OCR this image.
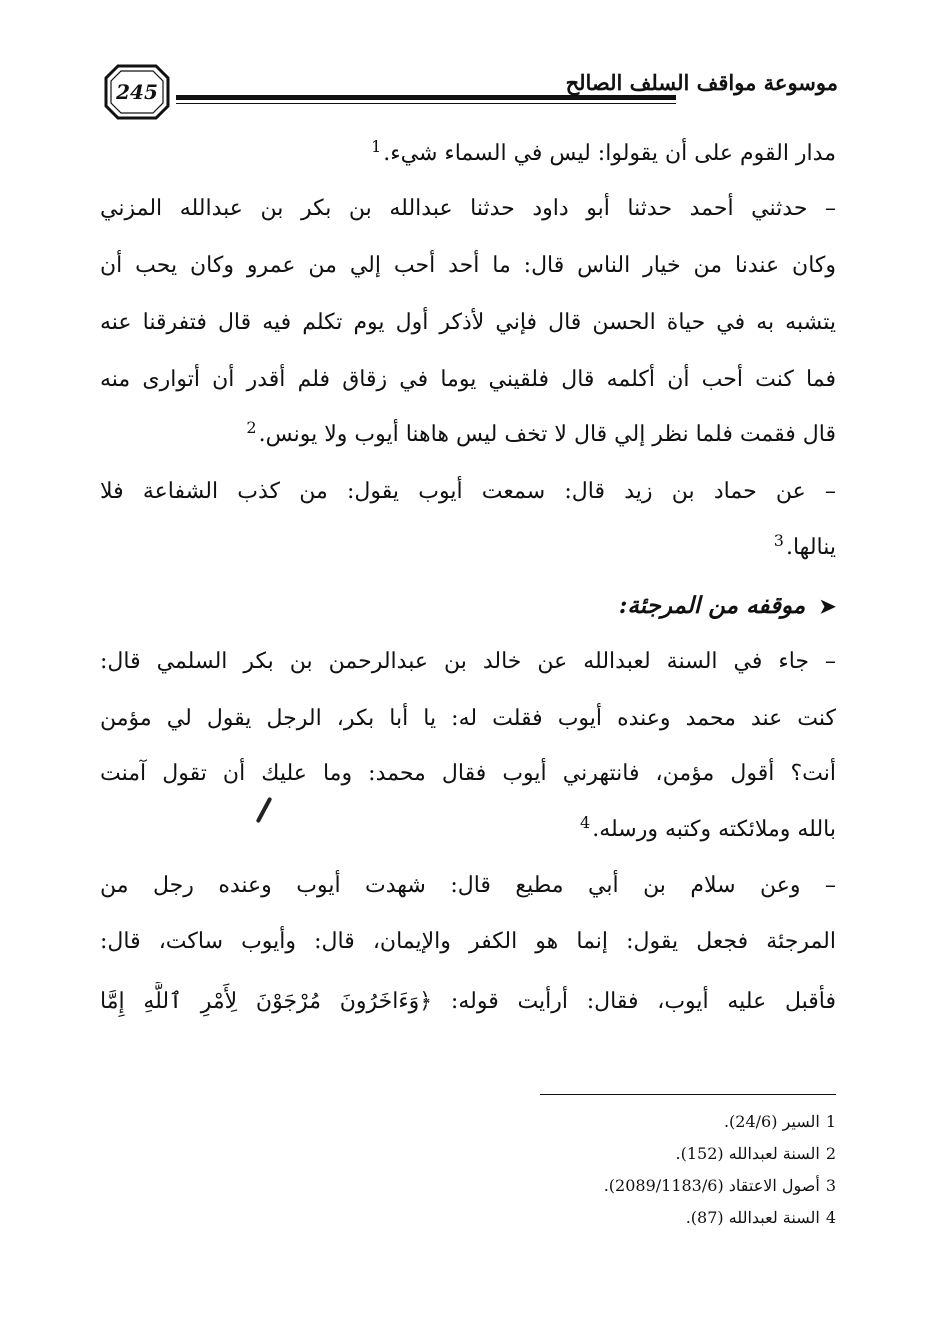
245	موسوعة مواقف السلف الصالح
مدار القوم على أن يقولوا: ليس في السماء شيء.$^1$
– حدثني أحمد حدثنا أبو داود حدثنا عبدالله بن بكر بن عبدالله المزني
وكان عندنا من خيار الناس قال: ما أحد أحب إلي من عمرو وكان يحب أن
يتشبه به في حياة الحسن قال فإني لأذكر أول يوم تكلم فيه قال فتفرقنا عنه
فما كنت أحب أن أكلمه قال فلقيني يوما في زقاق فلم أقدر أن أتوارى منه
قال فقمت فلما نظر إلي قال لا تخف ليس هاهنا أيوب ولا يونس.$^2$
– عن حماد بن زيد قال: سمعت أيوب يقول: من كذب الشفاعة فلا
ينالها.$^3$
➤موقفه من المرجئة:
– جاء في السنة لعبدالله عن خالد بن عبدالرحمن بن بكر السلمي قال:
كنت عند محمد وعنده أيوب فقلت له: يا أبا بكر، الرجل يقول لي مؤمن
أنت؟ أقول مؤمن، فانتهرني أيوب فقال محمد: وما عليك أن تقول آمنت
بالله وملائكته وكتبه ورسله.$^4$
– وعن سلام بن أبي مطيع قال: شهدت أيوب وعنده رجل من
المرجئة فجعل يقول: إنما هو الكفر والإيمان، قال: وأيوب ساكت، قال:
فأقبل عليه أيوب، فقال: أرأيت قوله: ﴿وَءَاخَرُونَ مُرْجَوْنَ لِأَمْرِ ٱللَّهِ إِمَّا
1السير (24/6).
2السنة لعبدالله (152).
3أصول الاعتقاد (2089/1183/6).
4السنة لعبدالله (87).
